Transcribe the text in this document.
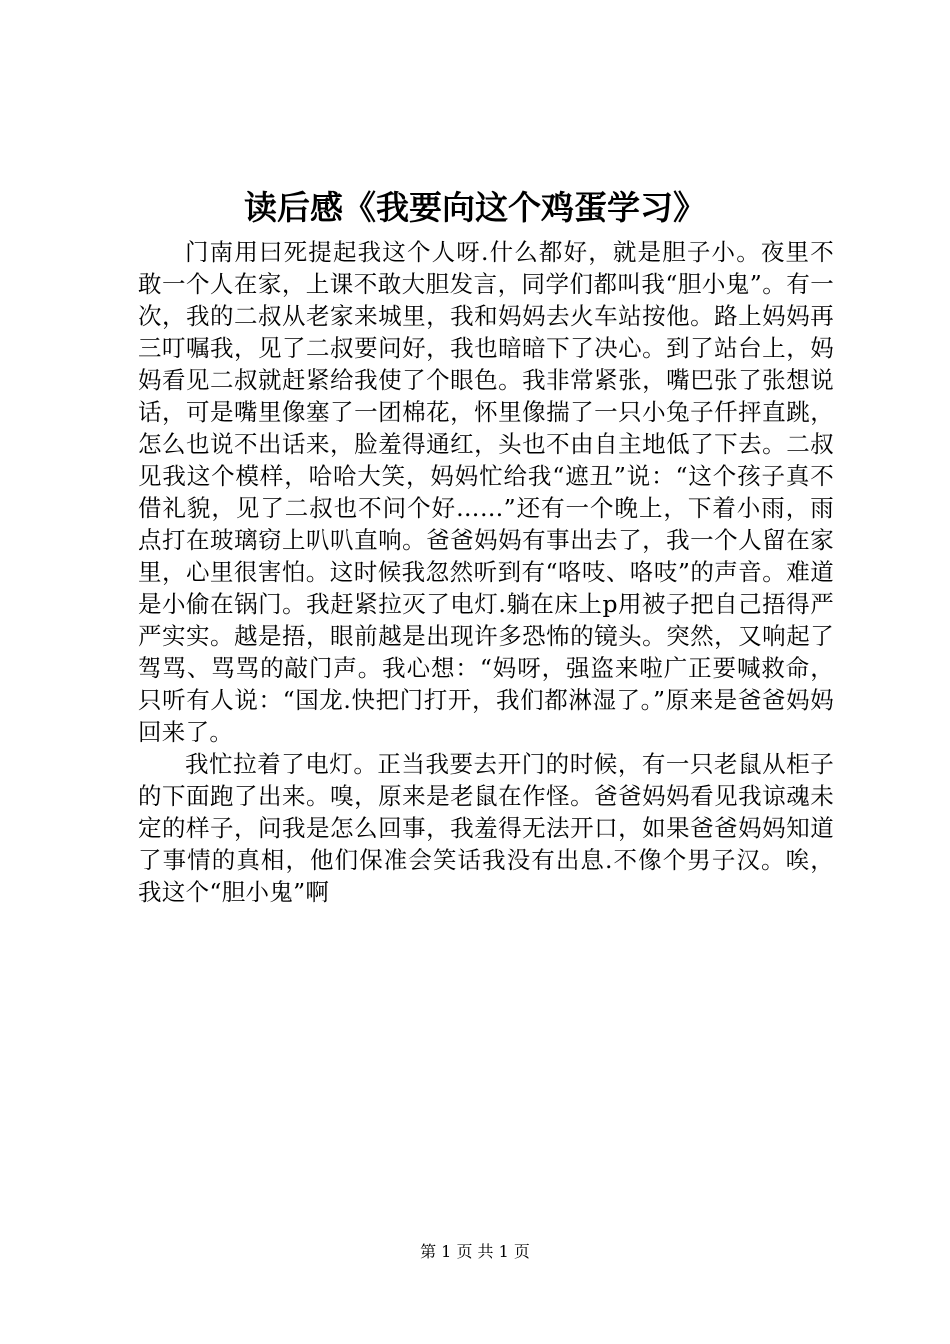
读后感《我要向这个鸡蛋学习》

门南用曰死提起我这个人呀.什么都好，就是胆子小。夜里不敢一个人在家，上课不敢大胆发言，同学们都叫我“胆小鬼”。有一次，我的二叔从老家来城里，我和妈妈去火车站按他。路上妈妈再三叮嘱我，见了二叔要问好，我也暗暗下了决心。到了站台上，妈妈看见二叔就赶紧给我使了个眼色。我非常紧张，嘴巴张了张想说话，可是嘴里像塞了一团棉花，怀里像揣了一只小兔子仟抨直跳，怎么也说不出话来，脸羞得通红，头也不由自主地低了下去。二叔见我这个模样，哈哈大笑，妈妈忙给我“遮丑”说：“这个孩子真不借礼貌，见了二叔也不问个好……”还有一个晚上，下着小雨，雨点打在玻璃窃上叭叭直响。爸爸妈妈有事出去了，我一个人留在家里，心里很害怕。这时候我忽然听到有“咯吱、咯吱”的声音。难道是小偷在锅门。我赶紧拉灭了电灯.躺在床上p用被子把自己捂得严严实实。越是捂，眼前越是出现许多恐怖的镜头。突然，又响起了驾骂、骂骂的敲门声。我心想：“妈呀，强盗来啦广正要喊救命，只听有人说：“国龙.快把门打开，我们都淋湿了。”原来是爸爸妈妈回来了。

我忙拉着了电灯。正当我要去开门的时候，有一只老鼠从柜子的下面跑了出来。嗅，原来是老鼠在作怪。爸爸妈妈看见我谅魂未定的样子，问我是怎么回事，我羞得无法开口，如果爸爸妈妈知道了事情的真相，他们保准会笑话我没有出息.不像个男子汉。唉，我这个“胆小鬼”啊

第 1 页 共 1 页
